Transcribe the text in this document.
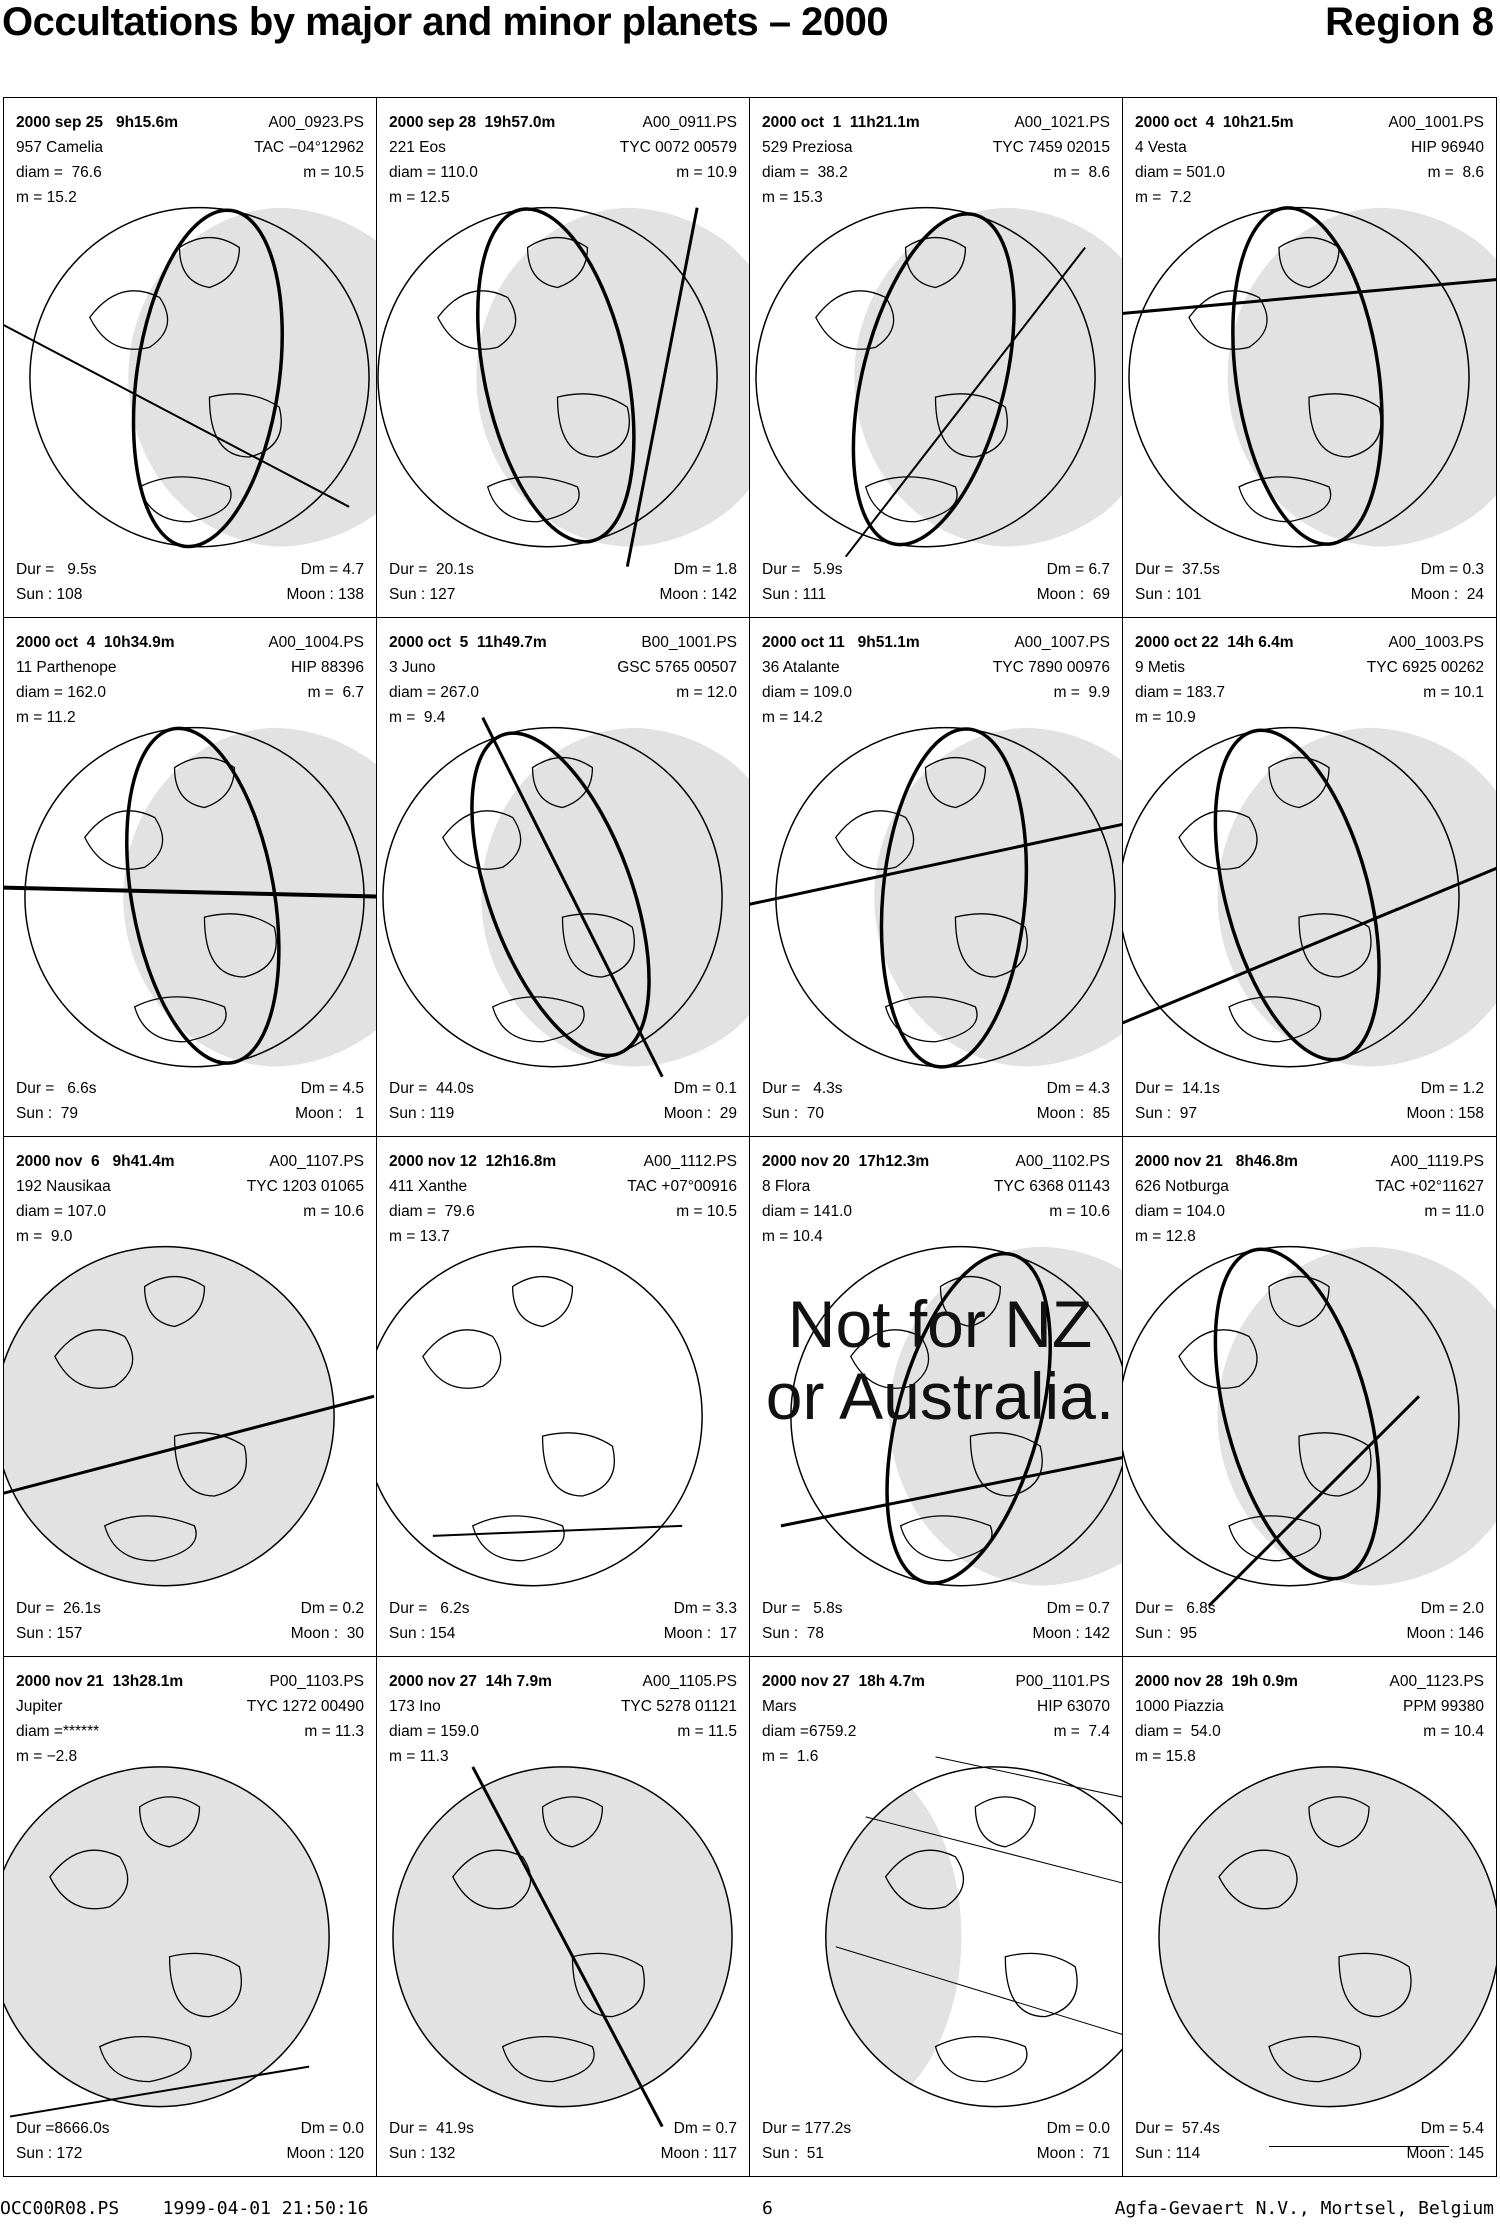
Occultations by major and minor planets – 2000	Region 8
2000 sep 25   9h15.6m	A00_0923.PS
957 Camelia	TAC −04°12962
diam =  76.6	m = 10.5
m = 15.2
Dur =   9.5s	Dm = 4.7
Sun : 108	Moon : 138
2000 sep 28  19h57.0m	A00_0911.PS
221 Eos	TYC 0072 00579
diam = 110.0	m = 10.9
m = 12.5
Dur =  20.1s	Dm = 1.8
Sun : 127	Moon : 142
2000 oct  1  11h21.1m	A00_1021.PS
529 Preziosa	TYC 7459 02015
diam =  38.2	m =  8.6
m = 15.3
Dur =   5.9s	Dm = 6.7
Sun : 111	Moon :  69
2000 oct  4  10h21.5m	A00_1001.PS
4 Vesta	HIP 96940
diam = 501.0	m =  8.6
m =  7.2
Dur =  37.5s	Dm = 0.3
Sun : 101	Moon :  24
2000 oct  4  10h34.9m	A00_1004.PS
11 Parthenope	HIP 88396
diam = 162.0	m =  6.7
m = 11.2
Dur =   6.6s	Dm = 4.5
Sun :  79	Moon :   1
2000 oct  5  11h49.7m	B00_1001.PS
3 Juno	GSC 5765 00507
diam = 267.0	m = 12.0
m =  9.4
Dur =  44.0s	Dm = 0.1
Sun : 119	Moon :  29
2000 oct 11   9h51.1m	A00_1007.PS
36 Atalante	TYC 7890 00976
diam = 109.0	m =  9.9
m = 14.2
Dur =   4.3s	Dm = 4.3
Sun :  70	Moon :  85
2000 oct 22  14h 6.4m	A00_1003.PS
9 Metis	TYC 6925 00262
diam = 183.7	m = 10.1
m = 10.9
Dur =  14.1s	Dm = 1.2
Sun :  97	Moon : 158
2000 nov  6   9h41.4m	A00_1107.PS
192 Nausikaa	TYC 1203 01065
diam = 107.0	m = 10.6
m =  9.0
Dur =  26.1s	Dm = 0.2
Sun : 157	Moon :  30
2000 nov 12  12h16.8m	A00_1112.PS
411 Xanthe	TAC +07°00916
diam =  79.6	m = 10.5
m = 13.7
Dur =   6.2s	Dm = 3.3
Sun : 154	Moon :  17
2000 nov 20  17h12.3m	A00_1102.PS
8 Flora	TYC 6368 01143
diam = 141.0	m = 10.6
m = 10.4
Dur =   5.8s	Dm = 0.7
Sun :  78	Moon : 142
2000 nov 21   8h46.8m	A00_1119.PS
626 Notburga	TAC +02°11627
diam = 104.0	m = 11.0
m = 12.8
Dur =   6.8s	Dm = 2.0
Sun :  95	Moon : 146
2000 nov 21  13h28.1m	P00_1103.PS
Jupiter	TYC 1272 00490
diam =******	m = 11.3
m = −2.8
Dur =8666.0s	Dm = 0.0
Sun : 172	Moon : 120
2000 nov 27  14h 7.9m	A00_1105.PS
173 Ino	TYC 5278 01121
diam = 159.0	m = 11.5
m = 11.3
Dur =  41.9s	Dm = 0.7
Sun : 132	Moon : 117
2000 nov 27  18h 4.7m	P00_1101.PS
Mars	HIP 63070
diam =6759.2	m =  7.4
m =  1.6
Dur = 177.2s	Dm = 0.0
Sun :  51	Moon :  71
2000 nov 28  19h 0.9m	A00_1123.PS
1000 Piazzia	PPM 99380
diam =  54.0	m = 10.4
m = 15.8
Dur =  57.4s	Dm = 5.4
Sun : 114	Moon : 145
Not for NZ
or Australia.
OCC00R08.PS 1999-04-01 21:50:16	6	Agfa-Gevaert N.V., Mortsel, Belgium
